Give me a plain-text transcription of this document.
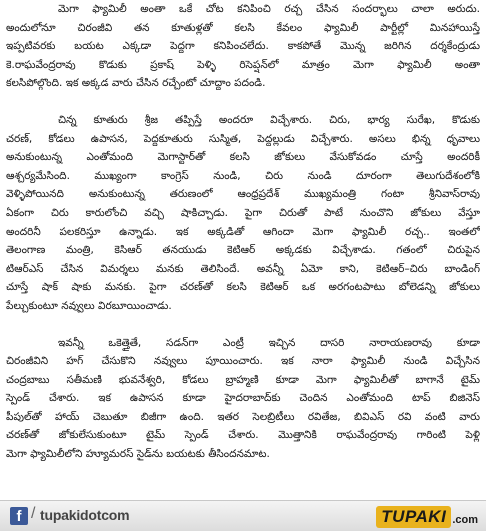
మెగా ఫ్యామిలీ అంతా ఒకే చోట కనిపించి రచ్చ చేసిన సందర్భాలు చాలా అరుదు.
అందులోనూ చిరంజీవి తన కూతుళ్లతో కలసి కేవలం ఫ్యామిలీ పార్టీల్లో మినహాయిస్తే
ఇప్పటివరకు బయట ఎక్కడా పెద్దగా కనిపించలేదు. కాకపోతే మొన్న జరిగిన దర్శకేంద్రుడు
కె.రాఘవేంద్రరావు కొడుకు ప్రకాష్ పెళ్ళి రిసెప్షన్‌లో మాత్రం మెగా ఫ్యామిలీ అంతా
కలసిపోల్గొంది. ఇక అక్కడ వారు చేసిన రచ్చేంటో చూద్దాం పదండి.
చిన్న కూతురు శ్రీజ తప్పిస్తే అందరూ విచ్చేశారు. చిరు, భార్య సురేఖ, కొడుకు
చరణ్, కోడలు ఉపాసన, పెద్దకూతురు సుస్మిత, పెద్దల్లుడు విచ్చేశారు. అసలు భిన్న ధృవాలు
అనుకుంటున్న ఎంతోమంది మెగాస్టార్‌తో కలసి జోకులు వేసుకోవడం చూస్తే అందరికీ
ఆశ్చర్యమేసింది. ముఖ్యంగా కాంగ్రెస్ నుండి, చిరు నుండి దూరంగా తెలుగుదేశంలోకి
వెళ్ళిపోయినది అనుకుంటున్న తరుణంలో ఆంధ్రప్రదేశ్ ముఖ్యమంత్రి గంటా శ్రీనివాస్‌రావు
ఏకంగా చిరు కారులోంచి వచ్చి షాకిచ్చాడు. పైగా చిరుతో పాటే నుంచొని జోకులు వేస్తూ
అందరినీ పలకరిస్తూ ఉన్నాడు. ఇక అక్కడితో ఆగిందా మెగా ఫ్యామిలీ రచ్చ.. ఇంతలో
తెలంగాణ మంత్రి, కెసిఆర్ తనయుడు కెటిఆర్ అక్కడకు విచ్చేశాడు. గతంలో చిరుపైన
టిఆర్ఎస్ చేసిన విమర్శలు మనకు తెలిసిందే. అవన్నీ ఏమో కాని, కెటిఆర్–చిరు బాండింగ్
చూస్తే షాక్ షాకు మనకు. పైగా చరణ్‌తో కలసి కెటిఆర్ ఒక అరగంటపాటు బోలెడన్ని జోకులు
పేల్చుకుంటూ నవ్వులు విరబూయించాడు.
ఇవన్నీ ఒకెత్తైతే, సడన్‌గా ఎంట్రీ ఇచ్చిన దాసరి నారాయణరావు కూడా
చిరంజీవిని హగ్ చేసుకొని నవ్వులు పూయించారు. ఇక నారా ఫ్యామిలీ నుండి విచ్చేసిన
చంద్రబాబు సతీమణి భువనేశ్వరి, కోడలు బ్రాహ్మణి కూడా మెగా ఫ్యామిలీతో బాగానే టైమ్
స్పెండ్ చేశారు. ఇక ఉపాసన కూడా హైదరాబాద్‌కు చెందిన ఎంతోమంది టాప్ బిజినెస్
పీపుల్‌తో హాయ్ చెబుతూ బిజీగా ఉంది. ఇతర సెలబ్రిటీలు రవితేజ, బివిఎస్ రవి వంటి వారు
చరణ్‌తో జోకులేసుకుంటూ టైమ్ స్పెండ్ చేశారు. మొత్తానికి రాఘవేంద్రరావు గారింటి పెళ్లి
మెగా ఫ్యామిలీలోని హ్యూమరస్ సైడ్‌ను బయటకు తీసిందనమాట.
f / tupakidotcom	TUPAKI .com
